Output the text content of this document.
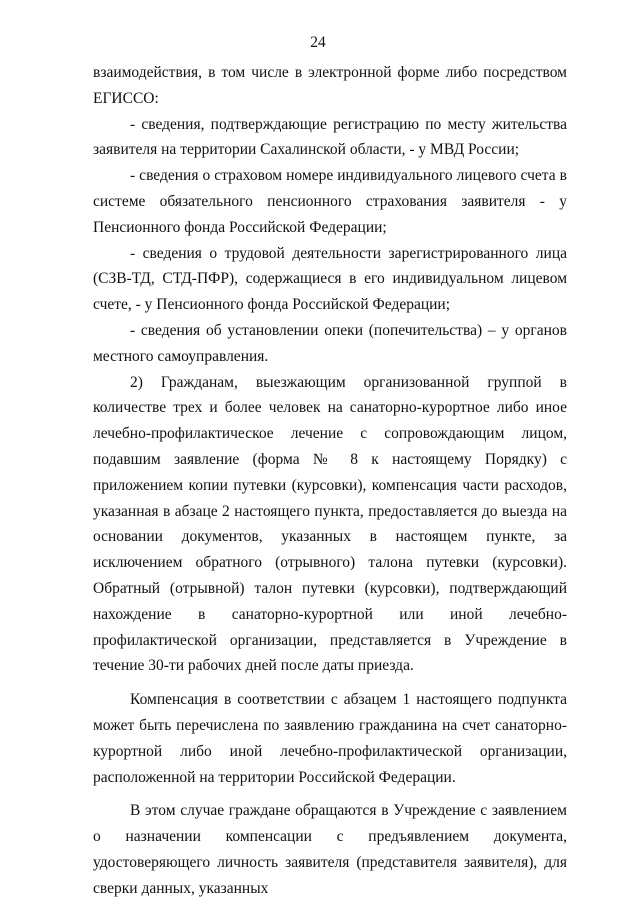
24

взаимодействия, в том числе в электронной форме либо посредством ЕГИССО:

- сведения, подтверждающие регистрацию по месту жительства заявителя на территории Сахалинской области, - у МВД России;

- сведения о страховом номере индивидуального лицевого счета в системе обязательного пенсионного страхования заявителя - у Пенсионного фонда Российской Федерации;

- сведения о трудовой деятельности зарегистрированного лица (СЗВ-ТД, СТД-ПФР), содержащиеся в его индивидуальном лицевом счете, - у Пенсионного фонда Российской Федерации;

- сведения об установлении опеки (попечительства) – у органов местного самоуправления.

2) Гражданам, выезжающим организованной группой в количестве трех и более человек на санаторно-курортное либо иное лечебно-профилактическое лечение с сопровождающим лицом, подавшим заявление (форма № 8 к настоящему Порядку) с приложением копии путевки (курсовки), компенсация части расходов, указанная в абзаце 2 настоящего пункта, предоставляется до выезда на основании документов, указанных в настоящем пункте, за исключением обратного (отрывного) талона путевки (курсовки). Обратный (отрывной) талон путевки (курсовки), подтверждающий нахождение в санаторно-курортной или иной лечебно-профилактической организации, представляется в Учреждение в течение 30-ти рабочих дней после даты приезда.

Компенсация в соответствии с абзацем 1 настоящего подпункта может быть перечислена по заявлению гражданина на счет санаторно-курортной либо иной лечебно-профилактической организации, расположенной на территории Российской Федерации.

В этом случае граждане обращаются в Учреждение с заявлением о назначении компенсации с предъявлением документа, удостоверяющего личность заявителя (представителя заявителя), для сверки данных, указанных
